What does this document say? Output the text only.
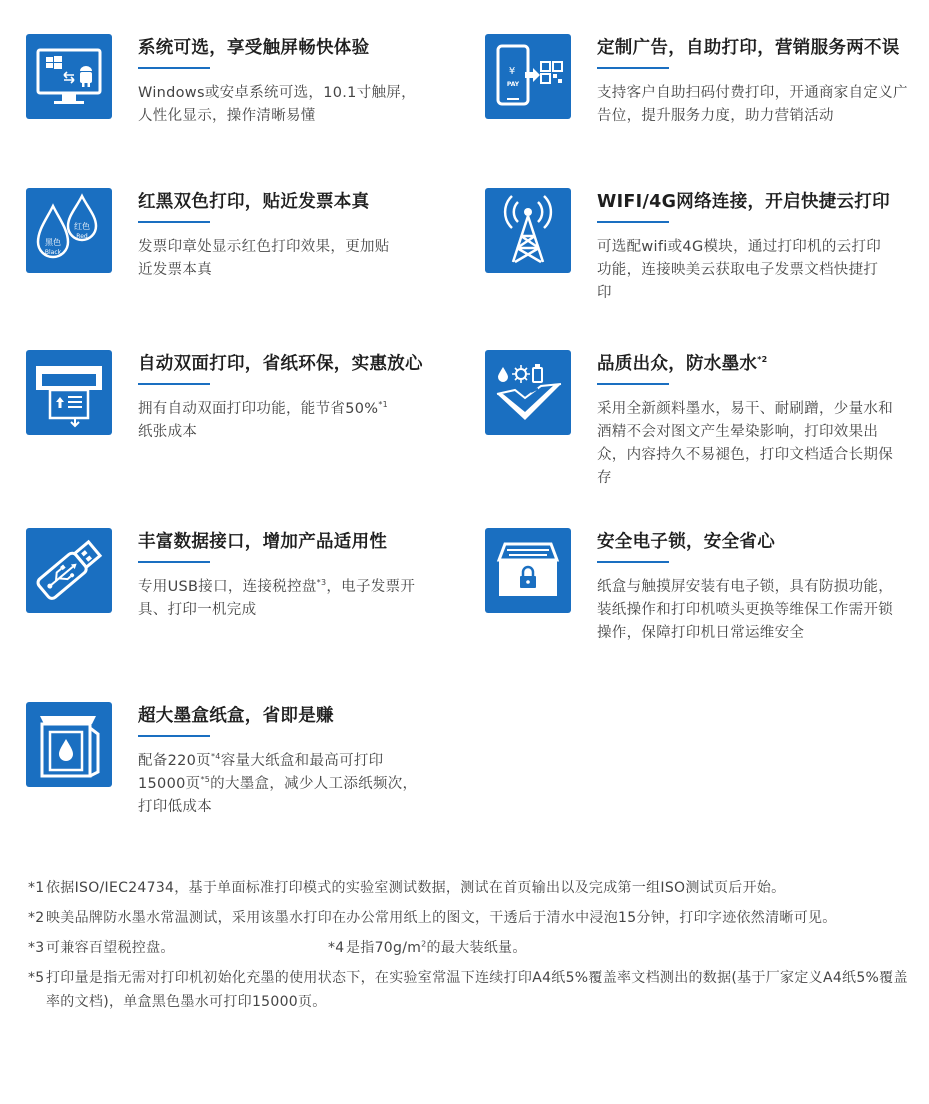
系统可选，享受触屏畅快体验
Windows或安卓系统可选，10.1寸触屏，人性化显示，操作清晰易懂
¥
PAY
定制广告，自助打印，营销服务两不误
支持客户自助扫码付费打印，开通商家自定义广告位，提升服务力度，助力营销活动
黑色
Black
红色
Red
红黑双色打印，贴近发票本真
发票印章处显示红色打印效果，更加贴近发票本真
WIFI/4G网络连接，开启快捷云打印
可选配wifi或4G模块，通过打印机的云打印功能，连接映美云获取电子发票文档快捷打印
自动双面打印，省纸环保，实惠放心
拥有自动双面打印功能，能节省50%$^{*1}$
纸张成本
品质出众，防水墨水$^{*2}$
采用全新颜料墨水，易干、耐刷蹭，少量水和酒精不会对图文产生晕染影响，打印效果出众，内容持久不易褪色，打印文档适合长期保存
丰富数据接口，增加产品适用性
专用USB接口，连接税控盘$^{*3}$，电子发票开具、打印一机完成
安全电子锁，安全省心
纸盒与触摸屏安装有电子锁，具有防损功能，装纸操作和打印机喷头更换等维保工作需开锁操作，保障打印机日常运维安全
超大墨盒纸盒，省即是赚
配备220页$^{*4}$容量大纸盒和最高可打印15000页$^{*5}$的大墨盒，减少人工添纸频次，打印低成本
*1 依据ISO/IEC24734，基于单面标准打印模式的实验室测试数据，测试在首页输出以及完成第一组ISO测试页后开始。
*2 映美品牌防水墨水常温测试，采用该墨水打印在办公常用纸上的图文，干透后于清水中浸泡15分钟，打印字迹依然清晰可见。
*3 可兼容百望税控盘。	*4 是指$70g/m^2$的最大装纸量。
*5 打印量是指无需对打印机初始化充墨的使用状态下，在实验室常温下连续打印A4纸5%覆盖率文档测出的数据(基于厂家定义A4纸5%覆盖率的文档)，单盒黑色墨水可打印15000页。
